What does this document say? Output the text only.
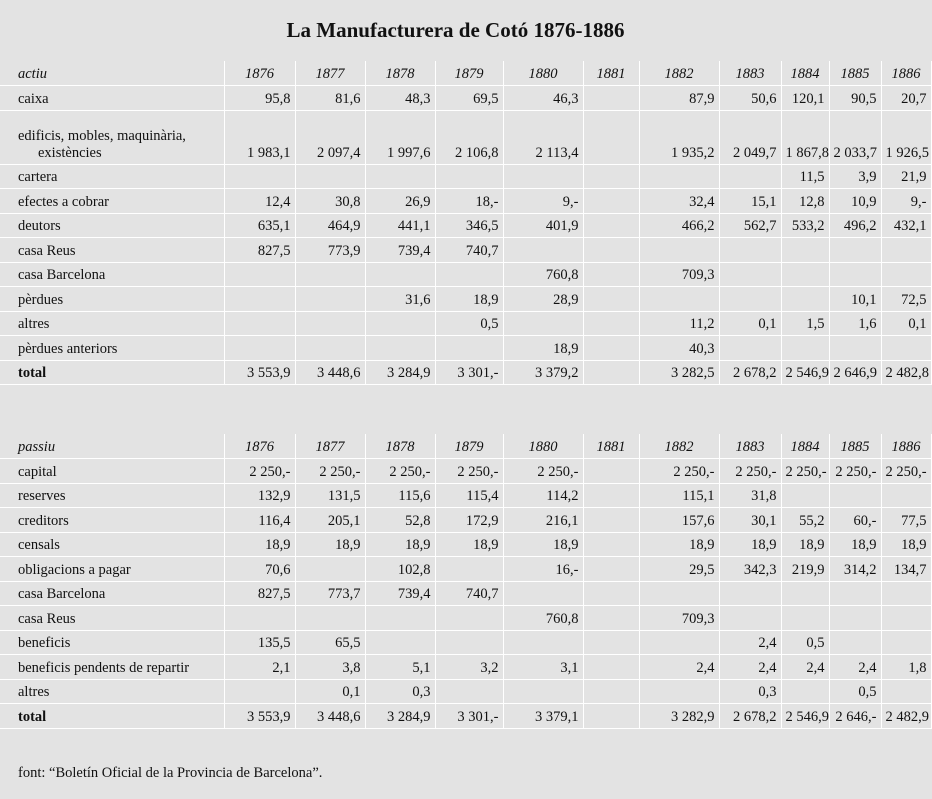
La Manufacturera de Cotó 1876-1886
actiu	1876	1877	1878	1879	1880	1881	1882	1883	1884	1885	1886
caixa	95,8	81,6	48,3	69,5	46,3		87,9	50,6	120,1	90,5	20,7

edificis, mobles, maquinària,
existències	1 983,1	2 097,4	1 997,6	2 106,8	2 113,4		1 935,2	2 049,7	1 867,8	2 033,7	1 926,5
cartera									11,5	3,9	21,9
efectes a cobrar	12,4	30,8	26,9	18,-	9,-		32,4	15,1	12,8	10,9	9,-
deutors	635,1	464,9	441,1	346,5	401,9		466,2	562,7	533,2	496,2	432,1
casa Reus	827,5	773,9	739,4	740,7							
casa Barcelona					760,8		709,3				
pèrdues			31,6	18,9	28,9					10,1	72,5
altres				0,5			11,2	0,1	1,5	1,6	0,1
pèrdues anteriors					18,9		40,3				
total	3 553,9	3 448,6	3 284,9	3 301,-	3 379,2		3 282,5	2 678,2	2 546,9	2 646,9	2 482,8
passiu	1876	1877	1878	1879	1880	1881	1882	1883	1884	1885	1886
capital	2 250,-	2 250,-	2 250,-	2 250,-	2 250,-		2 250,-	2 250,-	2 250,-	2 250,-	2 250,-
reserves	132,9	131,5	115,6	115,4	114,2		115,1	31,8			
creditors	116,4	205,1	52,8	172,9	216,1		157,6	30,1	55,2	60,-	77,5
censals	18,9	18,9	18,9	18,9	18,9		18,9	18,9	18,9	18,9	18,9
obligacions a pagar	70,6		102,8		16,-		29,5	342,3	219,9	314,2	134,7
casa Barcelona	827,5	773,7	739,4	740,7							
casa Reus					760,8		709,3				
beneficis	135,5	65,5						2,4	0,5		
beneficis pendents de repartir	2,1	3,8	5,1	3,2	3,1		2,4	2,4	2,4	2,4	1,8
altres		0,1	0,3					0,3		0,5	
total	3 553,9	3 448,6	3 284,9	3 301,-	3 379,1		3 282,9	2 678,2	2 546,9	2 646,-	2 482,9
font: “Boletín Oficial de la Provincia de Barcelona”.
